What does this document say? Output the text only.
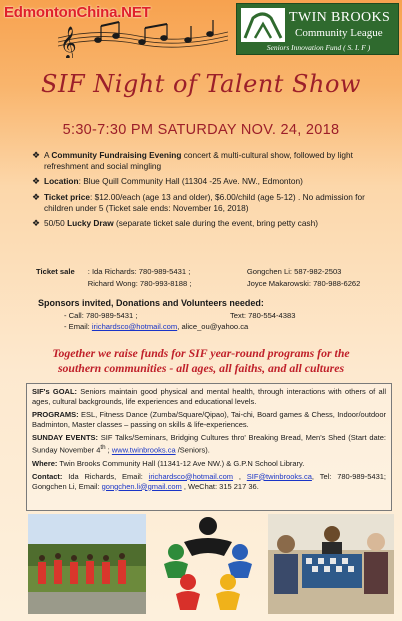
EdmontonChina.NET
𝄞
TWIN BROOKS
Community League
Seniors Innovation Fund ( S. I. F )
SIF Night of Talent Show
5:30-7:30 PM SATURDAY NOV. 24, 2018
❖ A Community Fundraising Evening concert & multi-cultural show, followed by light refreshment and social mingling
❖ Location: Blue Quill Community Hall (11304 -25 Ave. NW., Edmonton)
❖ Ticket price: $12.00/each (age 13 and older), $6.00/child (age 5-12) . No admission for children under 5 (Ticket sale ends: November 16, 2018)
❖ 50/50 Lucky Draw (separate ticket sale during the event, bring petty cash)
Ticket sale	: Ida Richards: 780-989-5431 ;	Gongchen Li: 587-982-2503
Richard Wong: 780-993-8188 ;	Joyce Makarowski: 780-988-6262
Sponsors invited, Donations and Volunteers needed:
- Call: 780-989-5431 ;	Text: 780-554-4383
- Email:
irichardsco@hotmail.com , alice_ou@yahoo.ca
Together we raise funds for SIF year-round programs for the
southern communities - all ages, all faiths, and all cultures

SIF's GOAL: Seniors maintain good physical and mental health, through interactions with others of all ages, cultural backgrounds, life experiences and educational levels.

PROGRAMS: ESL, Fitness Dance (Zumba/Square/Qipao), Tai-chi, Board games & Chess, Indoor/outdoor Badminton, Master classes – passing on skills & life-experiences.

SUNDAY EVENTS: SIF Talks/Seminars, Bridging Cultures thro' Breaking Bread, Men's Shed (Start date: Sunday November 4th ; www.twinbrooks.ca /Seniors).

Where: Twin Brooks Community Hall (11341-12 Ave NW.) & G.P.N School Library.

Contact: Ida Richards, Email: irichardsco@hotmail.com , SIF@twinbrooks.ca, Tel: 780-989-5431; Gongchen Li, Email: gongchen.li@gmail.com , WeChat: 315 217 36.
